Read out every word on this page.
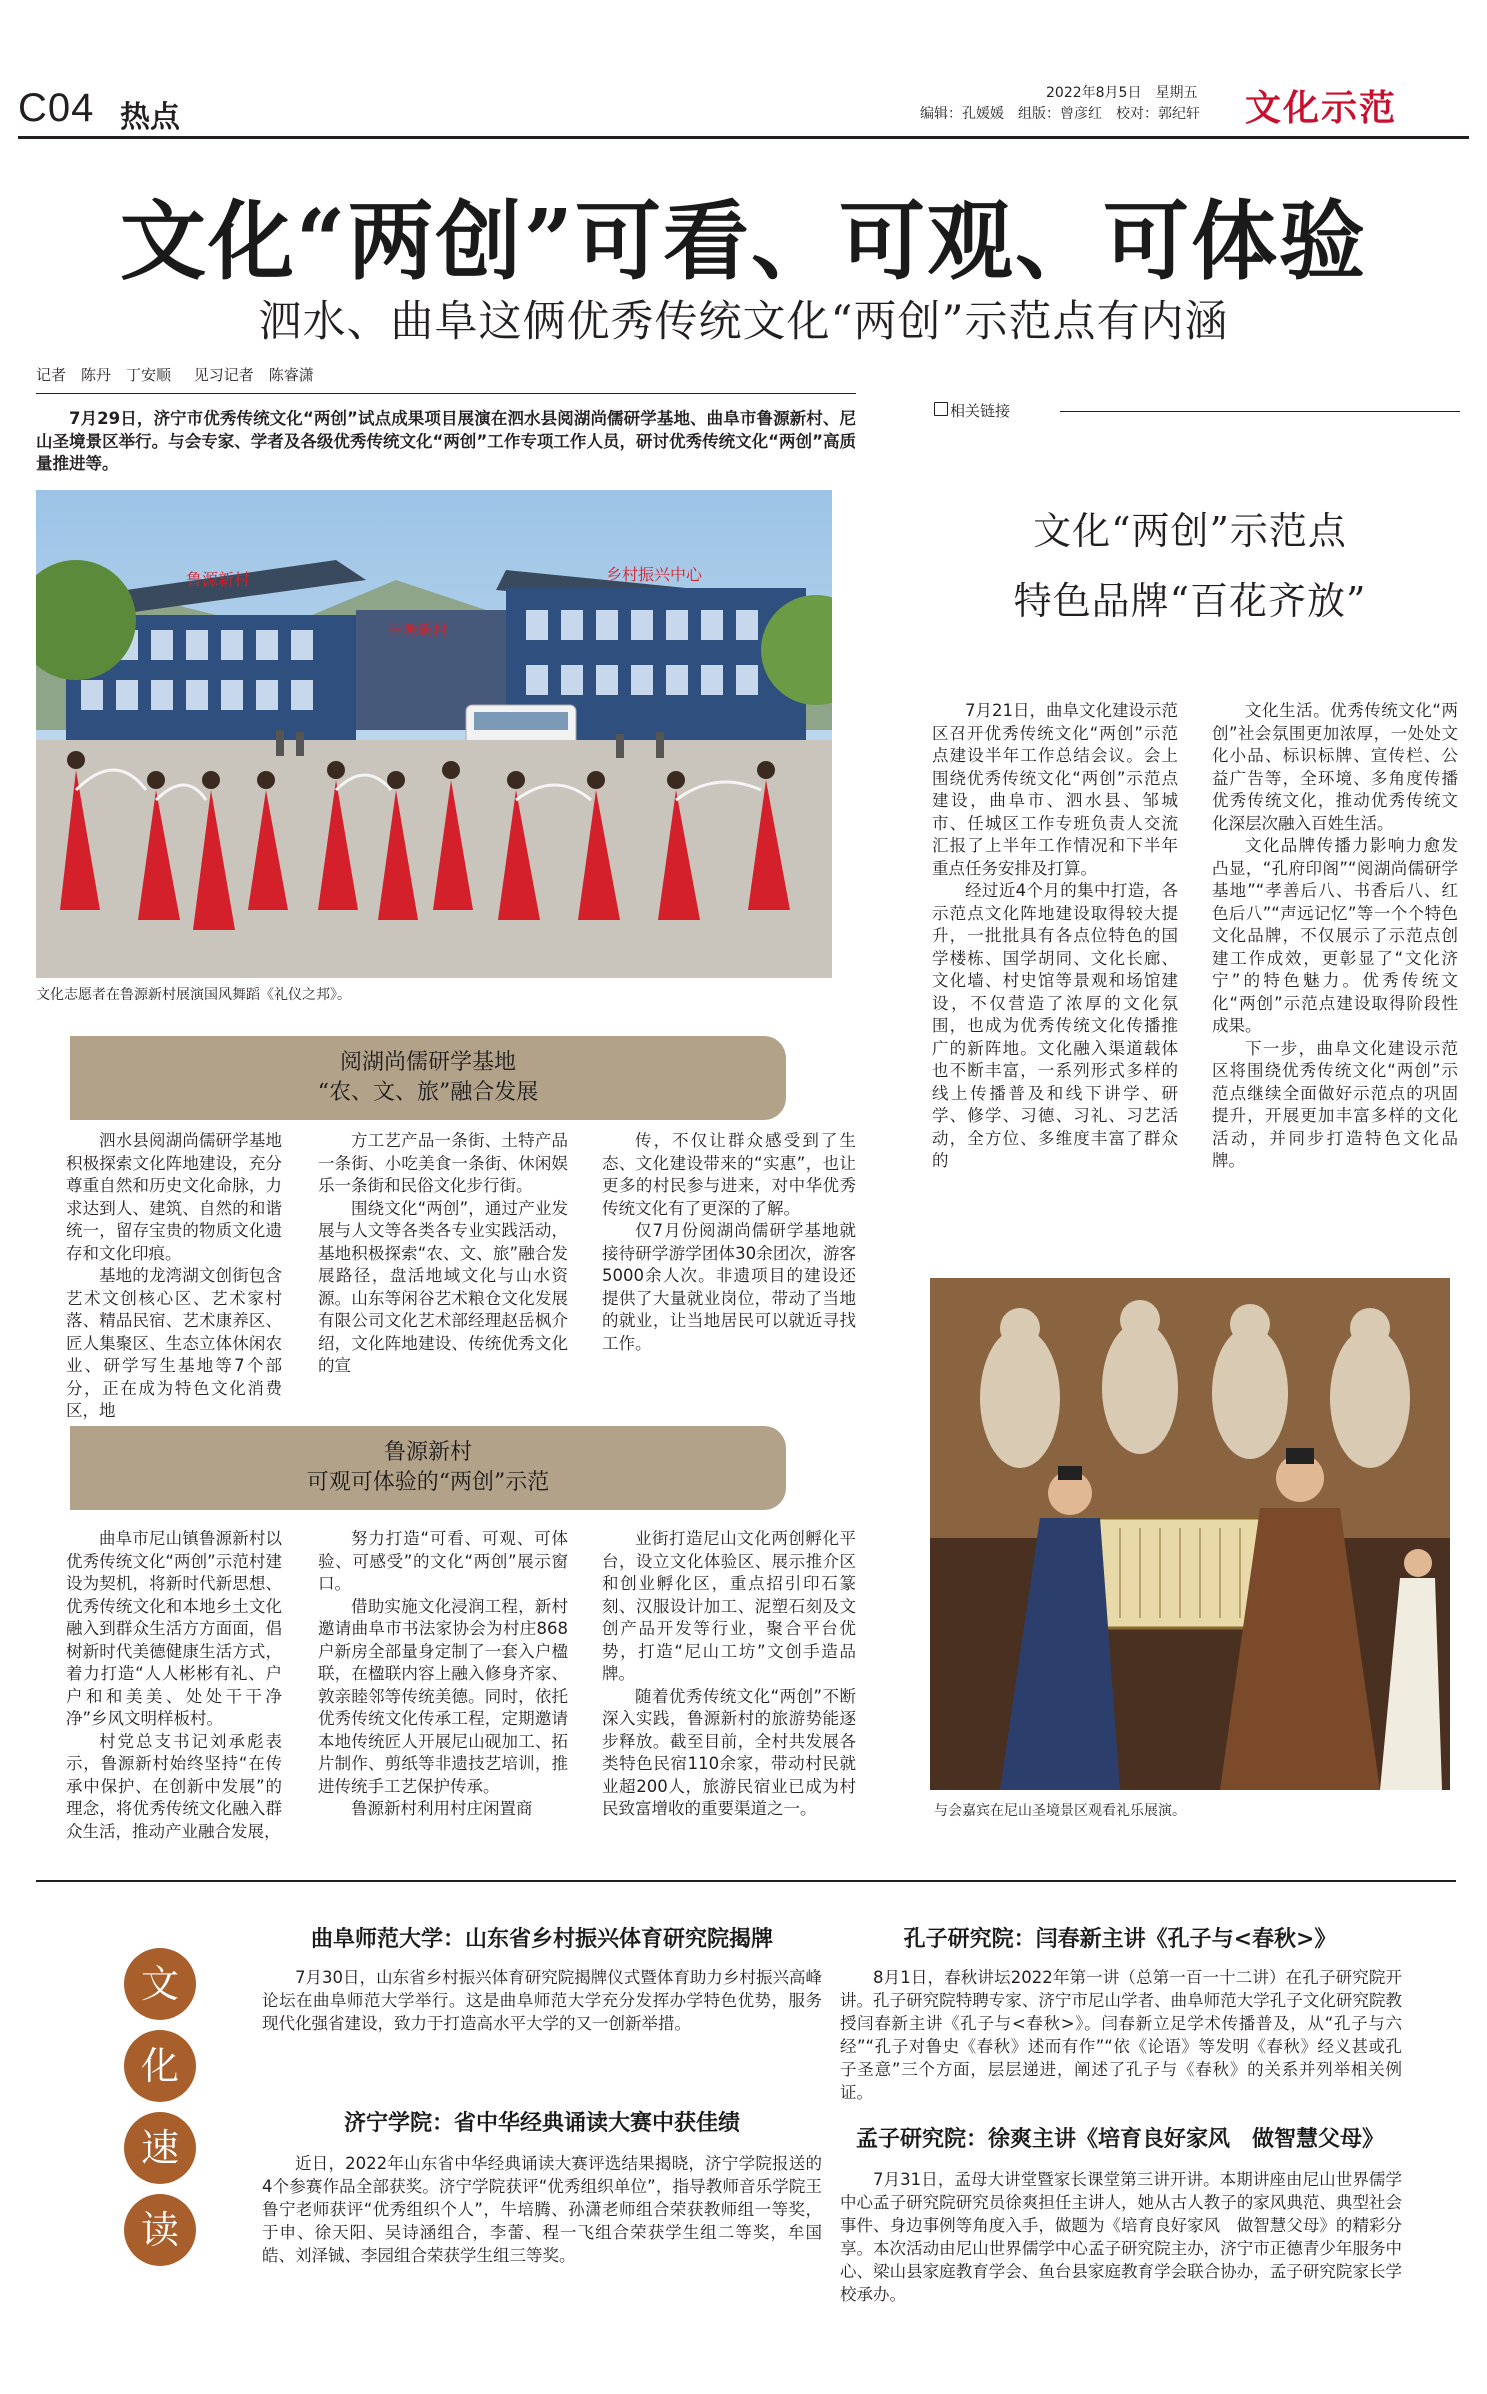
C04 热点
2022年8月5日　星期五
编辑：孔媛媛　组版：曾彦红　校对：郭纪轩 文化示范
文化“两创”可看、可观、可体验
泗水、曲阜这俩优秀传统文化“两创”示范点有内涵
记者　陈丹　丁安顺 见习记者　陈睿潇

7月29日，济宁市优秀传统文化“两创”试点成果项目展演在泗水县阅湖尚儒研学基地、曲阜市鲁源新村、尼山圣境景区举行。与会专家、学者及各级优秀传统文化“两创”工作专项工作人员，研讨优秀传统文化“两创”高质量推进等。

鲁源新村	乡村振兴中心
鲁源新村
文化志愿者在鲁源新村展演国风舞蹈《礼仪之邦》。
阅湖尚儒研学基地
“农、文、旅”融合发展

泗水县阅湖尚儒研学基地积极探索文化阵地建设，充分尊重自然和历史文化命脉，力求达到人、建筑、自然的和谐统一，留存宝贵的物质文化遗存和文化印痕。

基地的龙湾湖文创街包含艺术文创核心区、艺术家村落、精品民宿、艺术康养区、匠人集聚区、生态立体休闲农业、研学写生基地等7个部分，正在成为特色文化消费区，地

方工艺产品一条街、土特产品一条街、小吃美食一条街、休闲娱乐一条街和民俗文化步行街。

围绕文化“两创”，通过产业发展与人文等各类各专业实践活动，基地积极探索“农、文、旅”融合发展路径，盘活地域文化与山水资源。山东等闲谷艺术粮仓文化发展有限公司文化艺术部经理赵岳枫介绍，文化阵地建设、传统优秀文化的宣

传，不仅让群众感受到了生态、文化建设带来的“实惠”，也让更多的村民参与进来，对中华优秀传统文化有了更深的了解。

仅7月份阅湖尚儒研学基地就接待研学游学团体30余团次，游客5000余人次。非遗项目的建设还提供了大量就业岗位，带动了当地的就业，让当地居民可以就近寻找工作。

鲁源新村
可观可体验的“两创”示范

曲阜市尼山镇鲁源新村以优秀传统文化“两创”示范村建设为契机，将新时代新思想、优秀传统文化和本地乡土文化融入到群众生活方方面面，倡树新时代美德健康生活方式，着力打造“人人彬彬有礼、户户和和美美、处处干干净净”乡风文明样板村。

村党总支书记刘承彪表示，鲁源新村始终坚持“在传承中保护、在创新中发展”的理念，将优秀传统文化融入群众生活，推动产业融合发展，

努力打造“可看、可观、可体验、可感受”的文化“两创”展示窗口。

借助实施文化浸润工程，新村邀请曲阜市书法家协会为村庄868户新房全部量身定制了一套入户楹联，在楹联内容上融入修身齐家、敦亲睦邻等传统美德。同时，依托优秀传统文化传承工程，定期邀请本地传统匠人开展尼山砚加工、拓片制作、剪纸等非遗技艺培训，推进传统手工艺保护传承。

鲁源新村利用村庄闲置商

业街打造尼山文化两创孵化平台，设立文化体验区、展示推介区和创业孵化区，重点招引印石篆刻、汉服设计加工、泥塑石刻及文创产品开发等行业，聚合平台优势，打造“尼山工坊”文创手造品牌。

随着优秀传统文化“两创”不断深入实践，鲁源新村的旅游势能逐步释放。截至目前，全村共发展各类特色民宿110余家，带动村民就业超200人，旅游民宿业已成为村民致富增收的重要渠道之一。

相关链接
文化“两创”示范点
特色品牌“百花齐放”

7月21日，曲阜文化建设示范区召开优秀传统文化“两创”示范点建设半年工作总结会议。会上围绕优秀传统文化“两创”示范点建设，曲阜市、泗水县、邹城市、任城区工作专班负责人交流汇报了上半年工作情况和下半年重点任务安排及打算。

经过近4个月的集中打造，各示范点文化阵地建设取得较大提升，一批批具有各点位特色的国学楼栋、国学胡同、文化长廊、文化墙、村史馆等景观和场馆建设，不仅营造了浓厚的文化氛围，也成为优秀传统文化传播推广的新阵地。文化融入渠道载体也不断丰富，一系列形式多样的线上传播普及和线下讲学、研学、修学、习德、习礼、习艺活动，全方位、多维度丰富了群众的

文化生活。优秀传统文化“两创”社会氛围更加浓厚，一处处文化小品、标识标牌、宣传栏、公益广告等，全环境、多角度传播优秀传统文化，推动优秀传统文化深层次融入百姓生活。

文化品牌传播力影响力愈发凸显，“孔府印阁”“阅湖尚儒研学基地”“孝善后八、书香后八、红色后八”“声远记忆”等一个个特色文化品牌，不仅展示了示范点创建工作成效，更彰显了“文化济宁”的特色魅力。优秀传统文化“两创”示范点建设取得阶段性成果。

下一步，曲阜文化建设示范区将围绕优秀传统文化“两创”示范点继续全面做好示范点的巩固提升，开展更加丰富多样的文化活动，并同步打造特色文化品牌。

与会嘉宾在尼山圣境景区观看礼乐展演。
文
化
速
读
曲阜师范大学：山东省乡村振兴体育研究院揭牌

7月30日，山东省乡村振兴体育研究院揭牌仪式暨体育助力乡村振兴高峰论坛在曲阜师范大学举行。这是曲阜师范大学充分发挥办学特色优势，服务现代化强省建设，致力于打造高水平大学的又一创新举措。

济宁学院：省中华经典诵读大赛中获佳绩

近日，2022年山东省中华经典诵读大赛评选结果揭晓，济宁学院报送的4个参赛作品全部获奖。济宁学院获评“优秀组织单位”，指导教师音乐学院王鲁宁老师获评“优秀组织个人”，牛培腾、孙潇老师组合荣获教师组一等奖，于申、徐天阳、吴诗涵组合，李蕾、程一飞组合荣获学生组二等奖，牟国皓、刘泽铖、李园组合荣获学生组三等奖。

孔子研究院：闫春新主讲《孔子与<春秋>》

8月1日，春秋讲坛2022年第一讲（总第一百一十二讲）在孔子研究院开讲。孔子研究院特聘专家、济宁市尼山学者、曲阜师范大学孔子文化研究院教授闫春新主讲《孔子与<春秋>》。闫春新立足学术传播普及，从“孔子与六经”“孔子对鲁史《春秋》述而有作”“依《论语》等发明《春秋》经义甚或孔子圣意”三个方面，层层递进，阐述了孔子与《春秋》的关系并列举相关例证。

孟子研究院：徐爽主讲《培育良好家风　做智慧父母》

7月31日，孟母大讲堂暨家长课堂第三讲开讲。本期讲座由尼山世界儒学中心孟子研究院研究员徐爽担任主讲人，她从古人教子的家风典范、典型社会事件、身边事例等角度入手，做题为《培育良好家风　做智慧父母》的精彩分享。本次活动由尼山世界儒学中心孟子研究院主办，济宁市正德青少年服务中心、梁山县家庭教育学会、鱼台县家庭教育学会联合协办，孟子研究院家长学校承办。
